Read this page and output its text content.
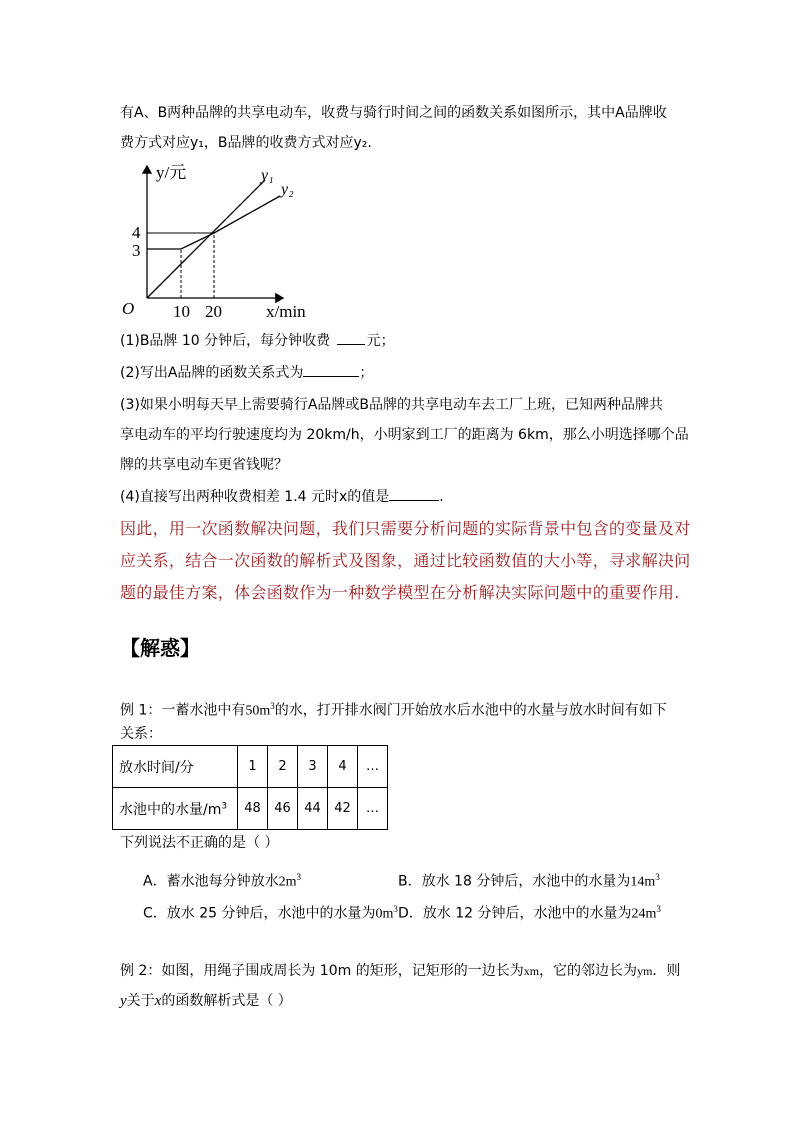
有A、B两种品牌的共享电动车，收费与骑行时间之间的函数关系如图所示，其中A品牌收
费方式对应y₁，B品牌的收费方式对应y₂.
y/元
x/min
O 10 20
4
3
y₁
y₂
(1)B品牌 10 分钟后，每分钟收费	元；
(2)写出A品牌的函数关系式为	；
(3)如果小明每天早上需要骑行A品牌或B品牌的共享电动车去工厂上班，已知两种品牌共
享电动车的平均行驶速度均为 20km/h，小明家到工厂的距离为 6km，那么小明选择哪个品
牌的共享电动车更省钱呢？
(4)直接写出两种收费相差 1.4 元时x的值是	.
因此，用一次函数解决问题，我们只需要分析问题的实际背景中包含的变量及对
应关系，结合一次函数的解析式及图象，通过比较函数值的大小等，寻求解决问
题的最佳方案，体会函数作为一种数学模型在分析解决实际问题中的重要作用.
【解惑】
例 1：一蓄水池中有$50m^3$的水，打开排水阀门开始放水后水池中的水量与放水时间有如下
关系：
放水时间/分	1	2	3	4	…
水池中的水量$/m^3$	48	46	44	42	…
下列说法不正确的是（ ）
A．蓄水池每分钟放水$2m^3$	B．放水 18 分钟后，水池中的水量为$14m^3$
C．放水 25 分钟后，水池中的水量为$0m^3$ D．放水 12 分钟后，水池中的水量为$24m^3$
例 2：如图，用绳子围成周长为 10m 的矩形，记矩形的一边长为xm，它的邻边长为ym．则
y关于x的函数解析式是（ ）
